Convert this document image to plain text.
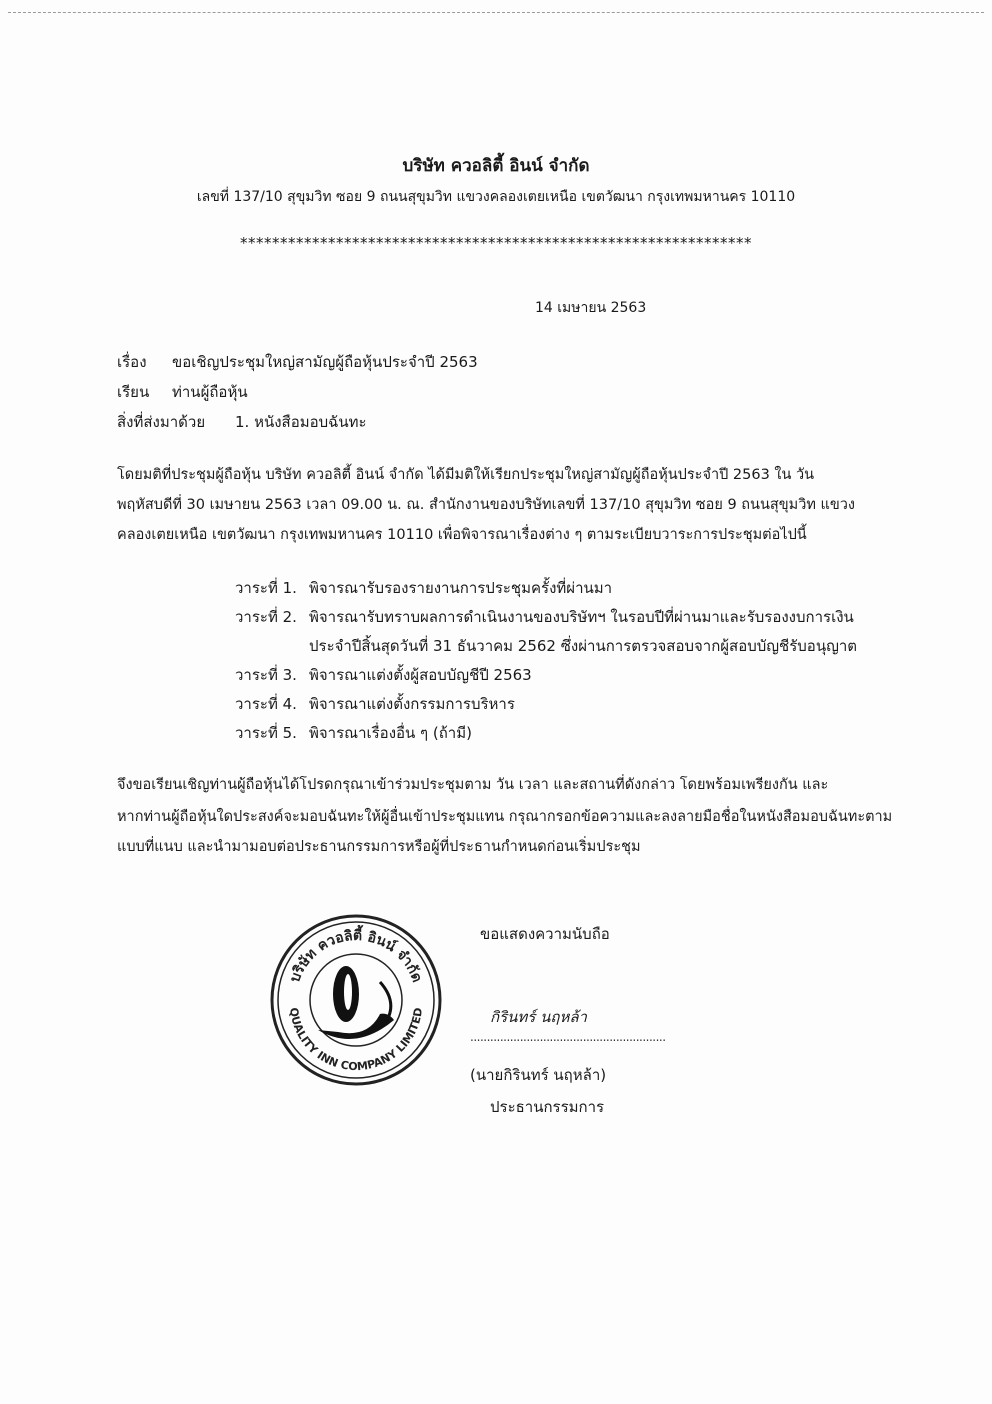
บริษัท ควอลิตี้ อินน์ จำกัด
เลขที่ 137/10 สุขุมวิท ซอย 9 ถนนสุขุมวิท แขวงคลองเตยเหนือ เขตวัฒนา กรุงเทพมหานคร 10110
****************************************************************
14 เมษายน 2563
เรื่อง ขอเชิญประชุมใหญ่สามัญผู้ถือหุ้นประจำปี 2563
เรียน ท่านผู้ถือหุ้น
สิ่งที่ส่งมาด้วย 1. หนังสือมอบฉันทะ
โดยมติที่ประชุมผู้ถือหุ้น บริษัท ควอลิตี้ อินน์ จำกัด ได้มีมติให้เรียกประชุมใหญ่สามัญผู้ถือหุ้นประจำปี 2563 ใน วัน
พฤหัสบดีที่ 30 เมษายน 2563 เวลา 09.00 น. ณ. สำนักงานของบริษัทเลขที่ 137/10 สุขุมวิท ซอย 9 ถนนสุขุมวิท แขวง
คลองเตยเหนือ เขตวัฒนา กรุงเทพมหานคร 10110 เพื่อพิจารณาเรื่องต่าง ๆ ตามระเบียบวาระการประชุมต่อไปนี้
วาระที่ 1. พิจารณารับรองรายงานการประชุมครั้งที่ผ่านมา
วาระที่ 2. พิจารณารับทราบผลการดำเนินงานของบริษัทฯ ในรอบปีที่ผ่านมาและรับรองงบการเงิน
ประจำปีสิ้นสุดวันที่ 31 ธันวาคม 2562 ซึ่งผ่านการตรวจสอบจากผู้สอบบัญชีรับอนุญาต
วาระที่ 3. พิจารณาแต่งตั้งผู้สอบบัญชีปี 2563
วาระที่ 4. พิจารณาแต่งตั้งกรรมการบริหาร
วาระที่ 5. พิจารณาเรื่องอื่น ๆ (ถ้ามี)
จึงขอเรียนเชิญท่านผู้ถือหุ้นได้โปรดกรุณาเข้าร่วมประชุมตาม วัน เวลา และสถานที่ดังกล่าว โดยพร้อมเพรียงกัน และ
หากท่านผู้ถือหุ้นใดประสงค์จะมอบฉันทะให้ผู้อื่นเข้าประชุมแทน กรุณากรอกข้อความและลงลายมือชื่อในหนังสือมอบฉันทะตาม
แบบที่แนบ และนำมามอบต่อประธานกรรมการหรือผู้ที่ประธานกำหนดก่อนเริ่มประชุม
บริษัท ควอลิตี้ อินน์ จำกัด
QUALITY INN COMPANY LIMITED
ขอแสดงความนับถือ
กิรินทร์ นฤหล้า
...........................................................
(นายกิรินทร์ นฤหล้า)
ประธานกรรมการ
